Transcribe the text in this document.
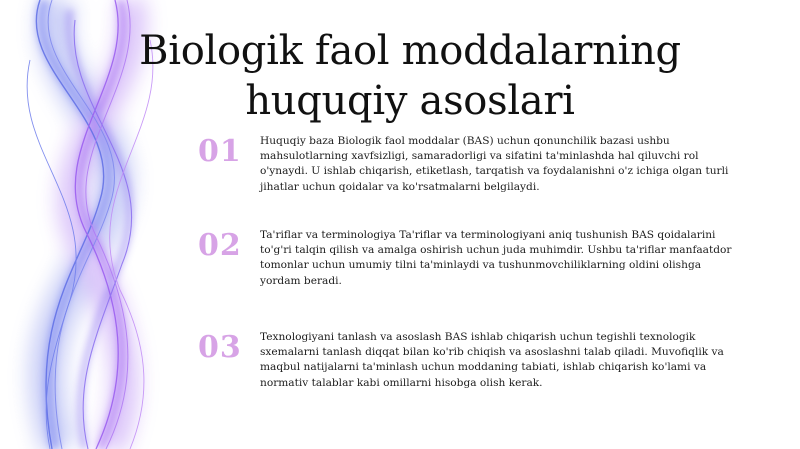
Biologik faol moddalarning huquqiy asoslari
01 Huquqiy baza Biologik faol moddalar (BAS) uchun qonunchilik bazasi ushbu mahsulotlarning xavfsizligi, samaradorligi va sifatini ta'minlashda hal qiluvchi rol o'ynaydi. U ishlab chiqarish, etiketlash, tarqatish va foydalanishni o'z ichiga olgan turli jihatlar uchun qoidalar va ko'rsatmalarni belgilaydi.

02 Ta'riflar va terminologiya Ta'riflar va terminologiyani aniq tushunish BAS qoidalarini to'g'ri talqin qilish va amalga oshirish uchun juda muhimdir. Ushbu ta'riflar manfaatdor tomonlar uchun umumiy tilni ta'minlaydi va tushunmovchiliklarning oldini olishga yordam beradi.

03 Texnologiyani tanlash va asoslash BAS ishlab chiqarish uchun tegishli texnologik sxemalarni tanlash diqqat bilan ko'rib chiqish va asoslashni talab qiladi. Muvofiqlik va maqbul natijalarni ta'minlash uchun moddaning tabiati, ishlab chiqarish ko'lami va normativ talablar kabi omillarni hisobga olish kerak.
